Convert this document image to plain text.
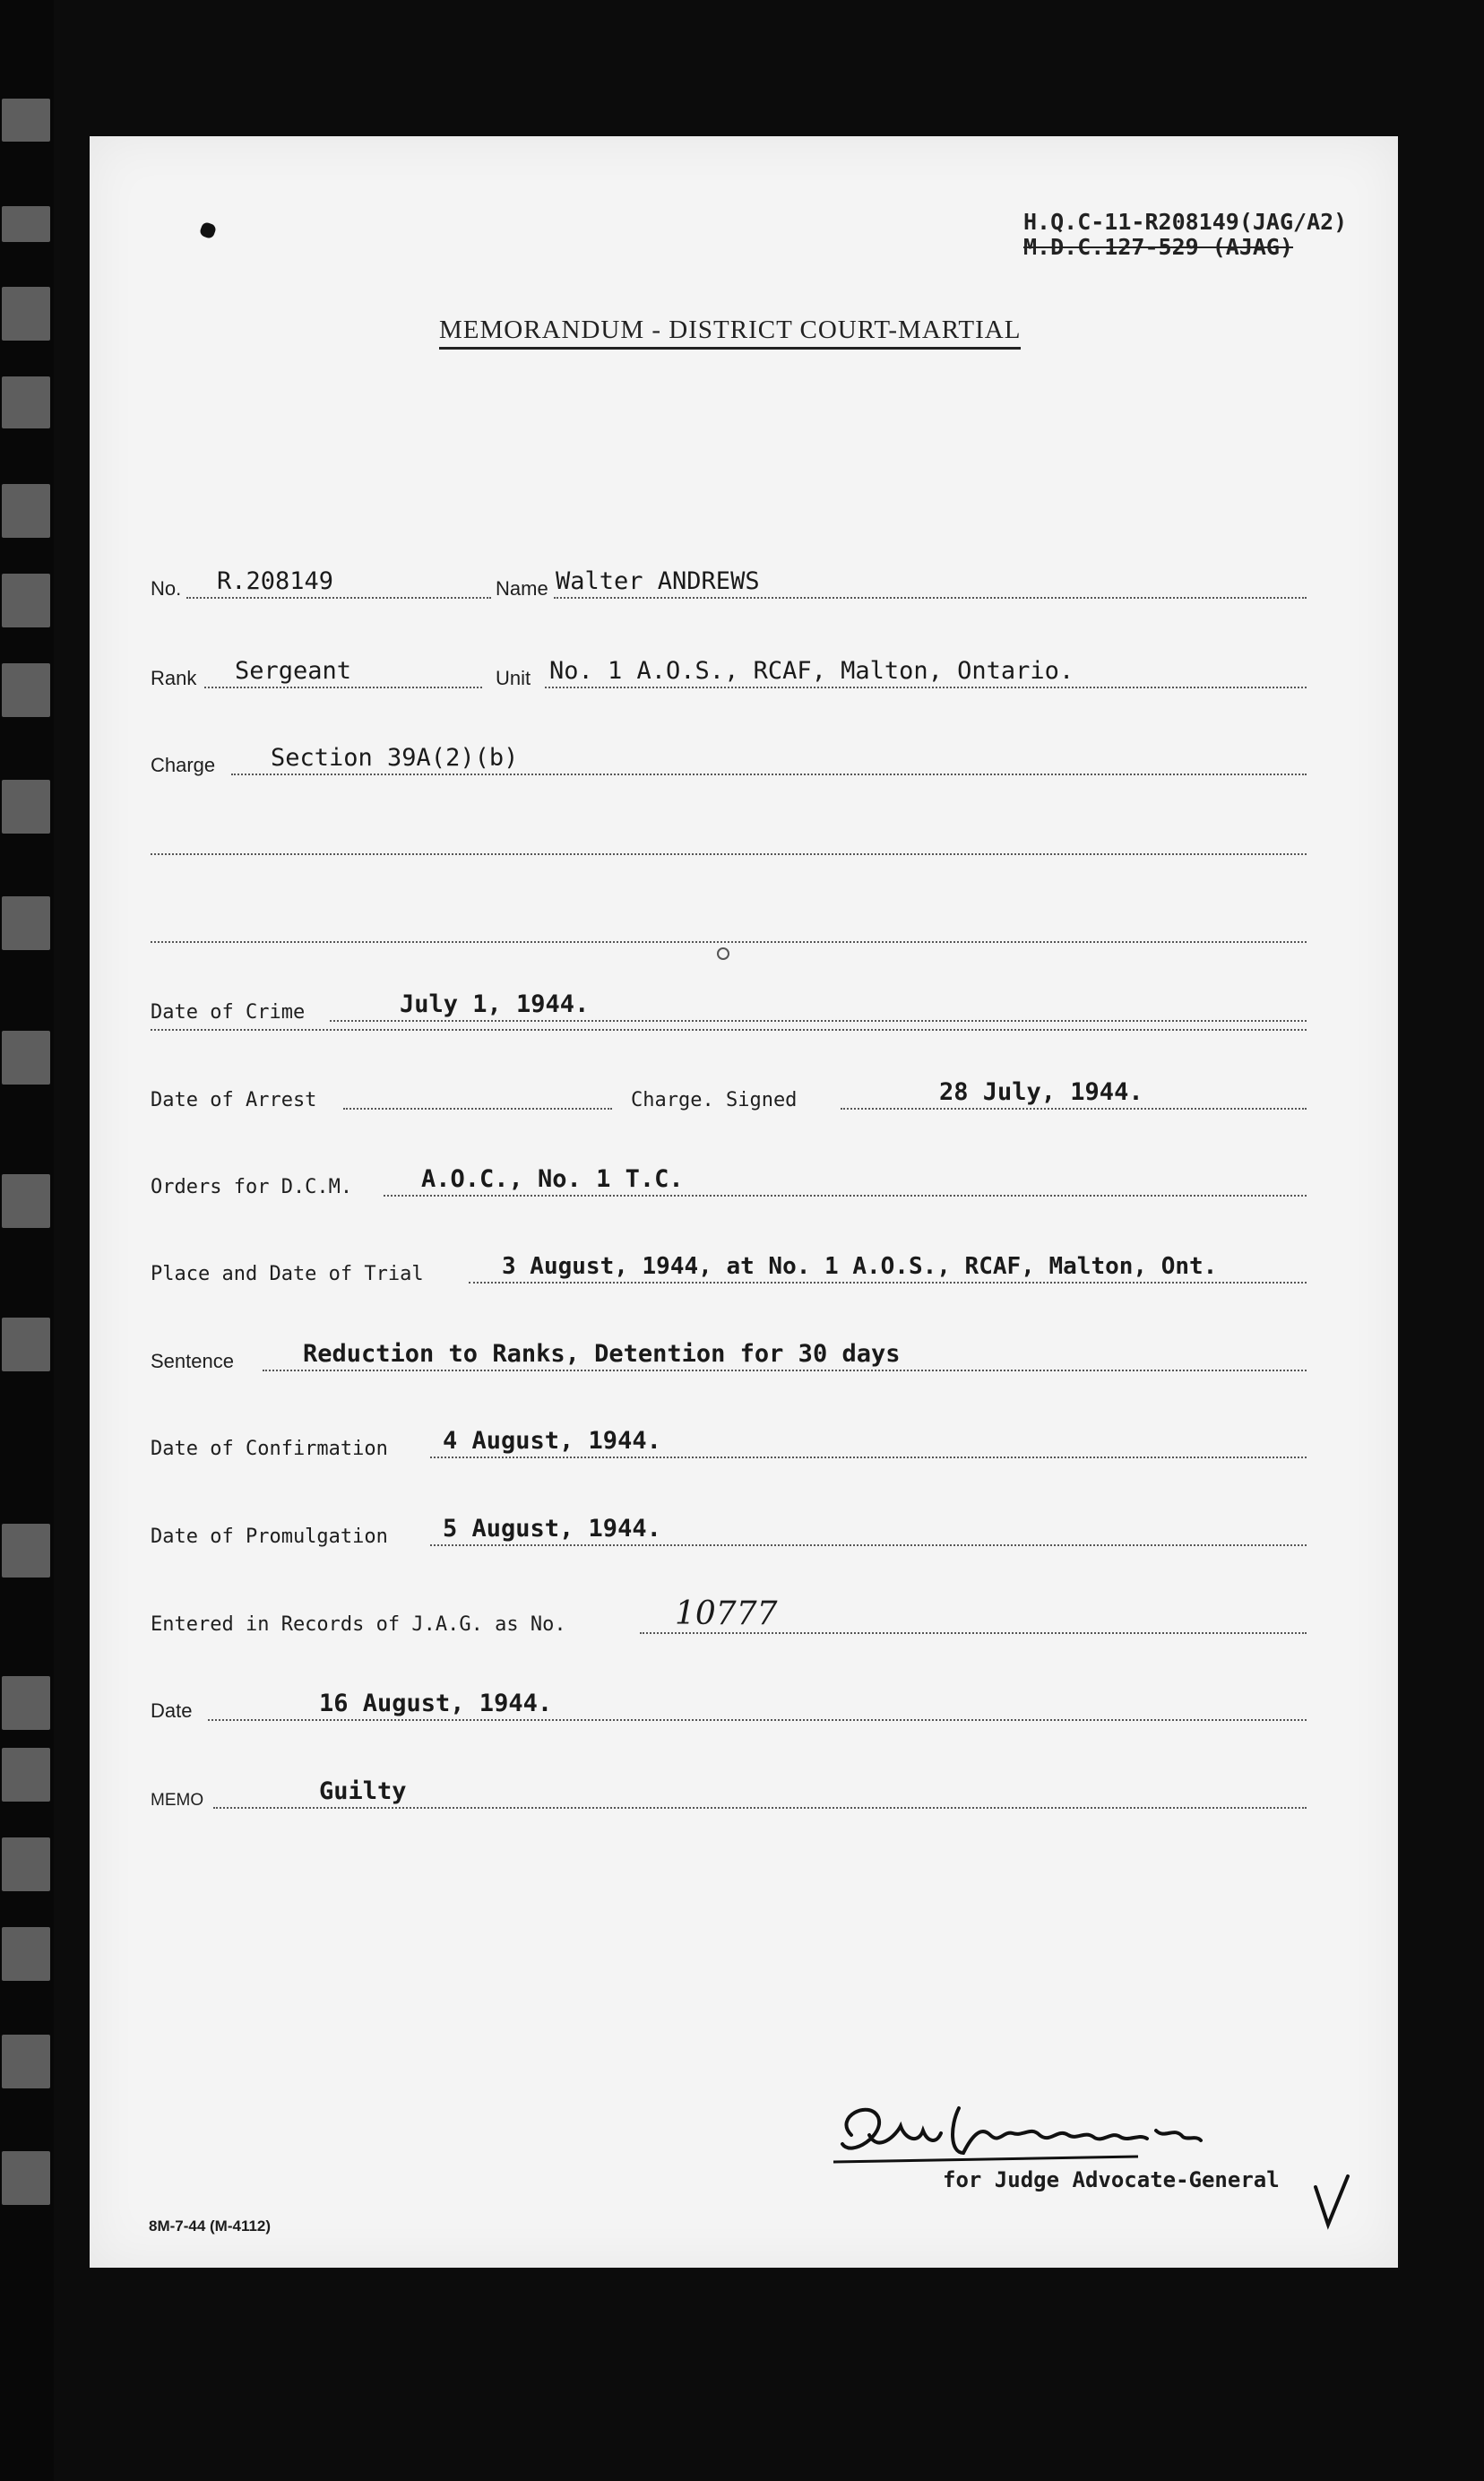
H.Q.C-11-R208149(JAG/A2)
M.D.C.127-529 (AJAG)
MEMORANDUM - DISTRICT COURT-MARTIAL
No. R.208149	Name Walter ANDREWS
Rank Sergeant	Unit No. 1 A.O.S., RCAF, Malton, Ontario.
Charge Section 39A(2)(b)
Date of Crime	July 1, 1944.
Date of Arrest	Charge. Signed	28 July, 1944.
Orders for D.C.M.	A.O.C., No. 1 T.C.
Place and Date of Trial	3 August, 1944, at No. 1 A.O.S., RCAF, Malton, Ont.
Sentence	Reduction to Ranks, Detention for 30 days
Date of Confirmation 4 August, 1944.
Date of Promulgation 5 August, 1944.
Entered in Records of J.A.G. as No.	10777
Date	16 August, 1944.
MEMO	Guilty
for Judge Advocate-General
8M-7-44 (M-4112)
